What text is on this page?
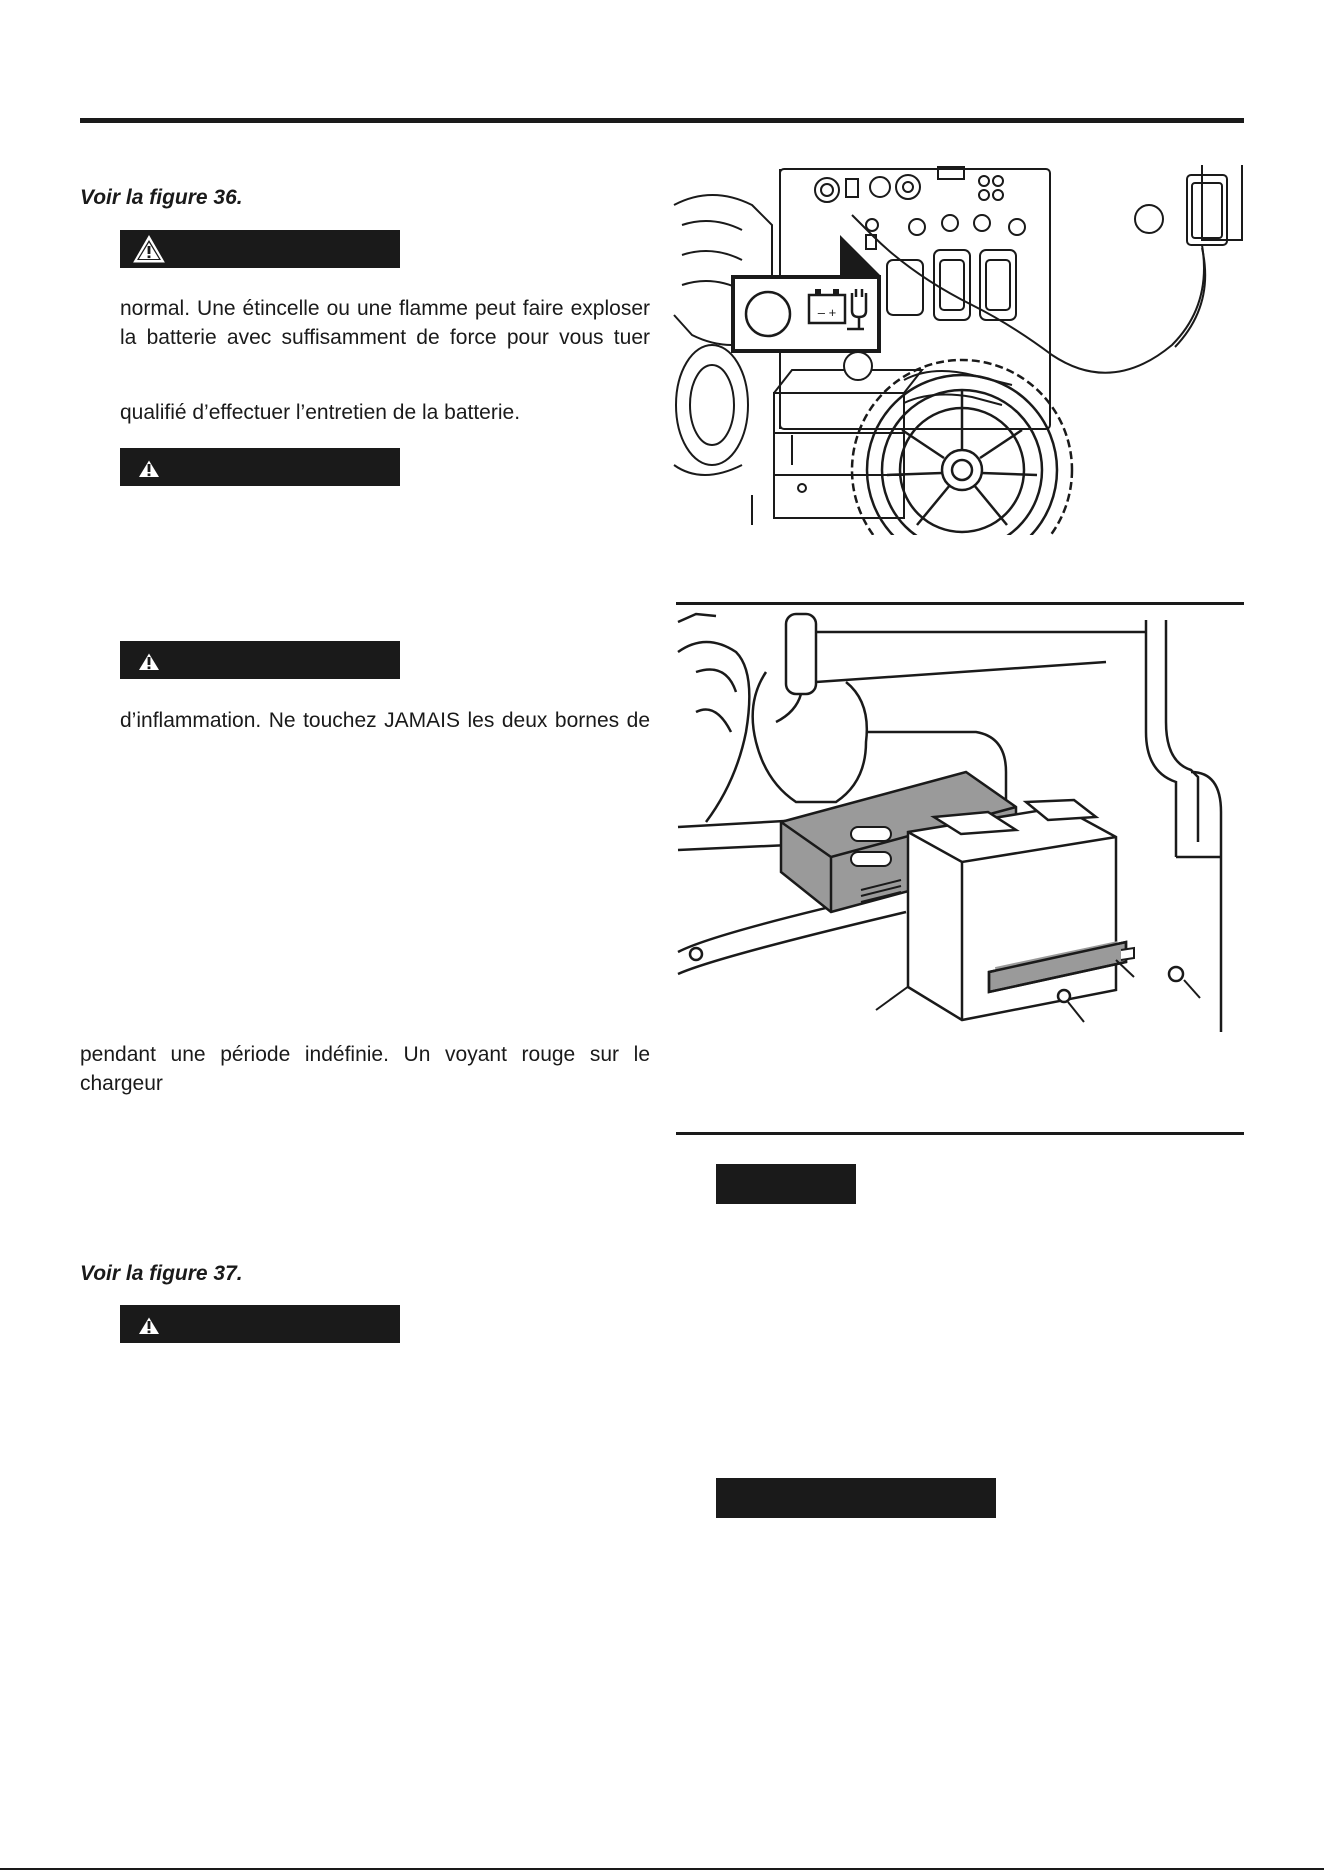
Voir la figure 36.
normal. Une étincelle ou une flamme peut faire exploser
la batterie avec suffisamment de force pour vous tuer
qualifié d’effectuer l’entretien de la batterie.
d’inflammation. Ne touchez JAMAIS les deux bornes de
pendant une période indéfinie. Un voyant rouge sur le chargeur
Voir la figure 37.
– +
